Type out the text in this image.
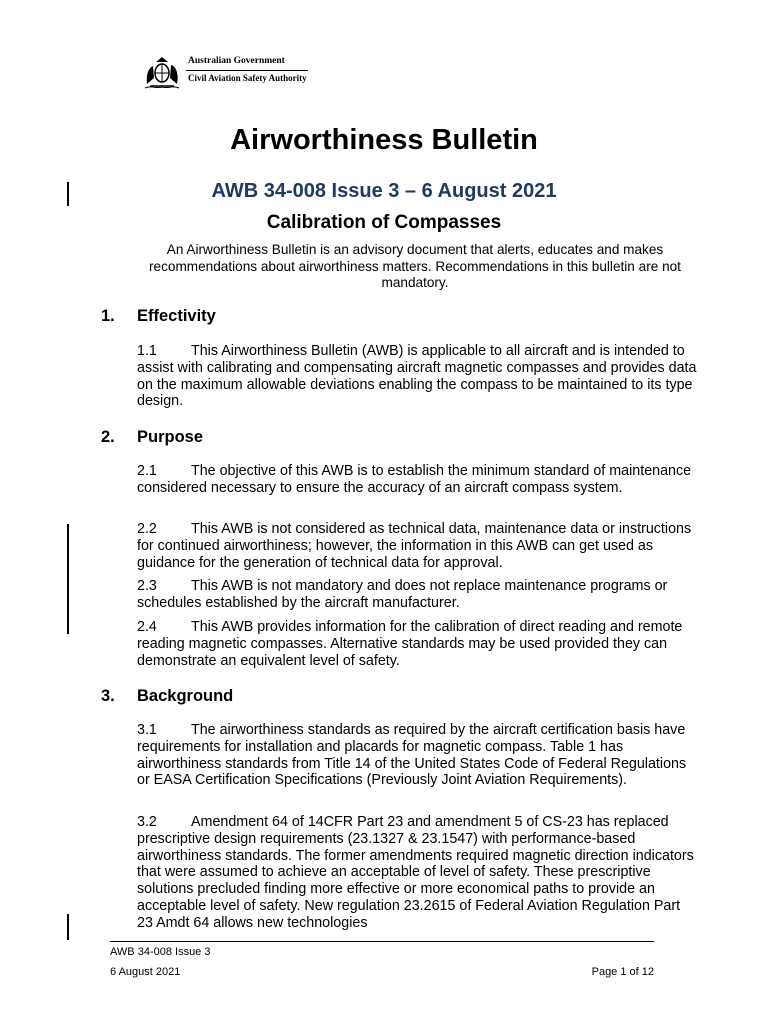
Australian Government
Civil Aviation Safety Authority
Airworthiness Bulletin
AWB 34-008 Issue 3 – 6 August 2021
Calibration of Compasses
An Airworthiness Bulletin is an advisory document that alerts, educates and makes recommendations about airworthiness matters. Recommendations in this bulletin are not mandatory.
1. Effectivity
1.1 This Airworthiness Bulletin (AWB) is applicable to all aircraft and is intended to assist with calibrating and compensating aircraft magnetic compasses and provides data on the maximum allowable deviations enabling the compass to be maintained to its type design.
2. Purpose
2.1 The objective of this AWB is to establish the minimum standard of maintenance considered necessary to ensure the accuracy of an aircraft compass system.
2.2 This AWB is not considered as technical data, maintenance data or instructions for continued airworthiness; however, the information in this AWB can get used as guidance for the generation of technical data for approval.
2.3 This AWB is not mandatory and does not replace maintenance programs or schedules established by the aircraft manufacturer.
2.4 This AWB provides information for the calibration of direct reading and remote reading magnetic compasses. Alternative standards may be used provided they can demonstrate an equivalent level of safety.
3. Background
3.1 The airworthiness standards as required by the aircraft certification basis have requirements for installation and placards for magnetic compass. Table 1 has airworthiness standards from Title 14 of the United States Code of Federal Regulations or EASA Certification Specifications (Previously Joint Aviation Requirements).
3.2 Amendment 64 of 14CFR Part 23 and amendment 5 of CS-23 has replaced prescriptive design requirements (23.1327 & 23.1547) with performance-based airworthiness standards. The former amendments required magnetic direction indicators that were assumed to achieve an acceptable of level of safety. These prescriptive solutions precluded finding more effective or more economical paths to provide an acceptable level of safety. New regulation 23.2615 of Federal Aviation Regulation Part 23 Amdt 64 allows new technologies
AWB 34-008 Issue 3
6 August 2021	Page 1 of 12
